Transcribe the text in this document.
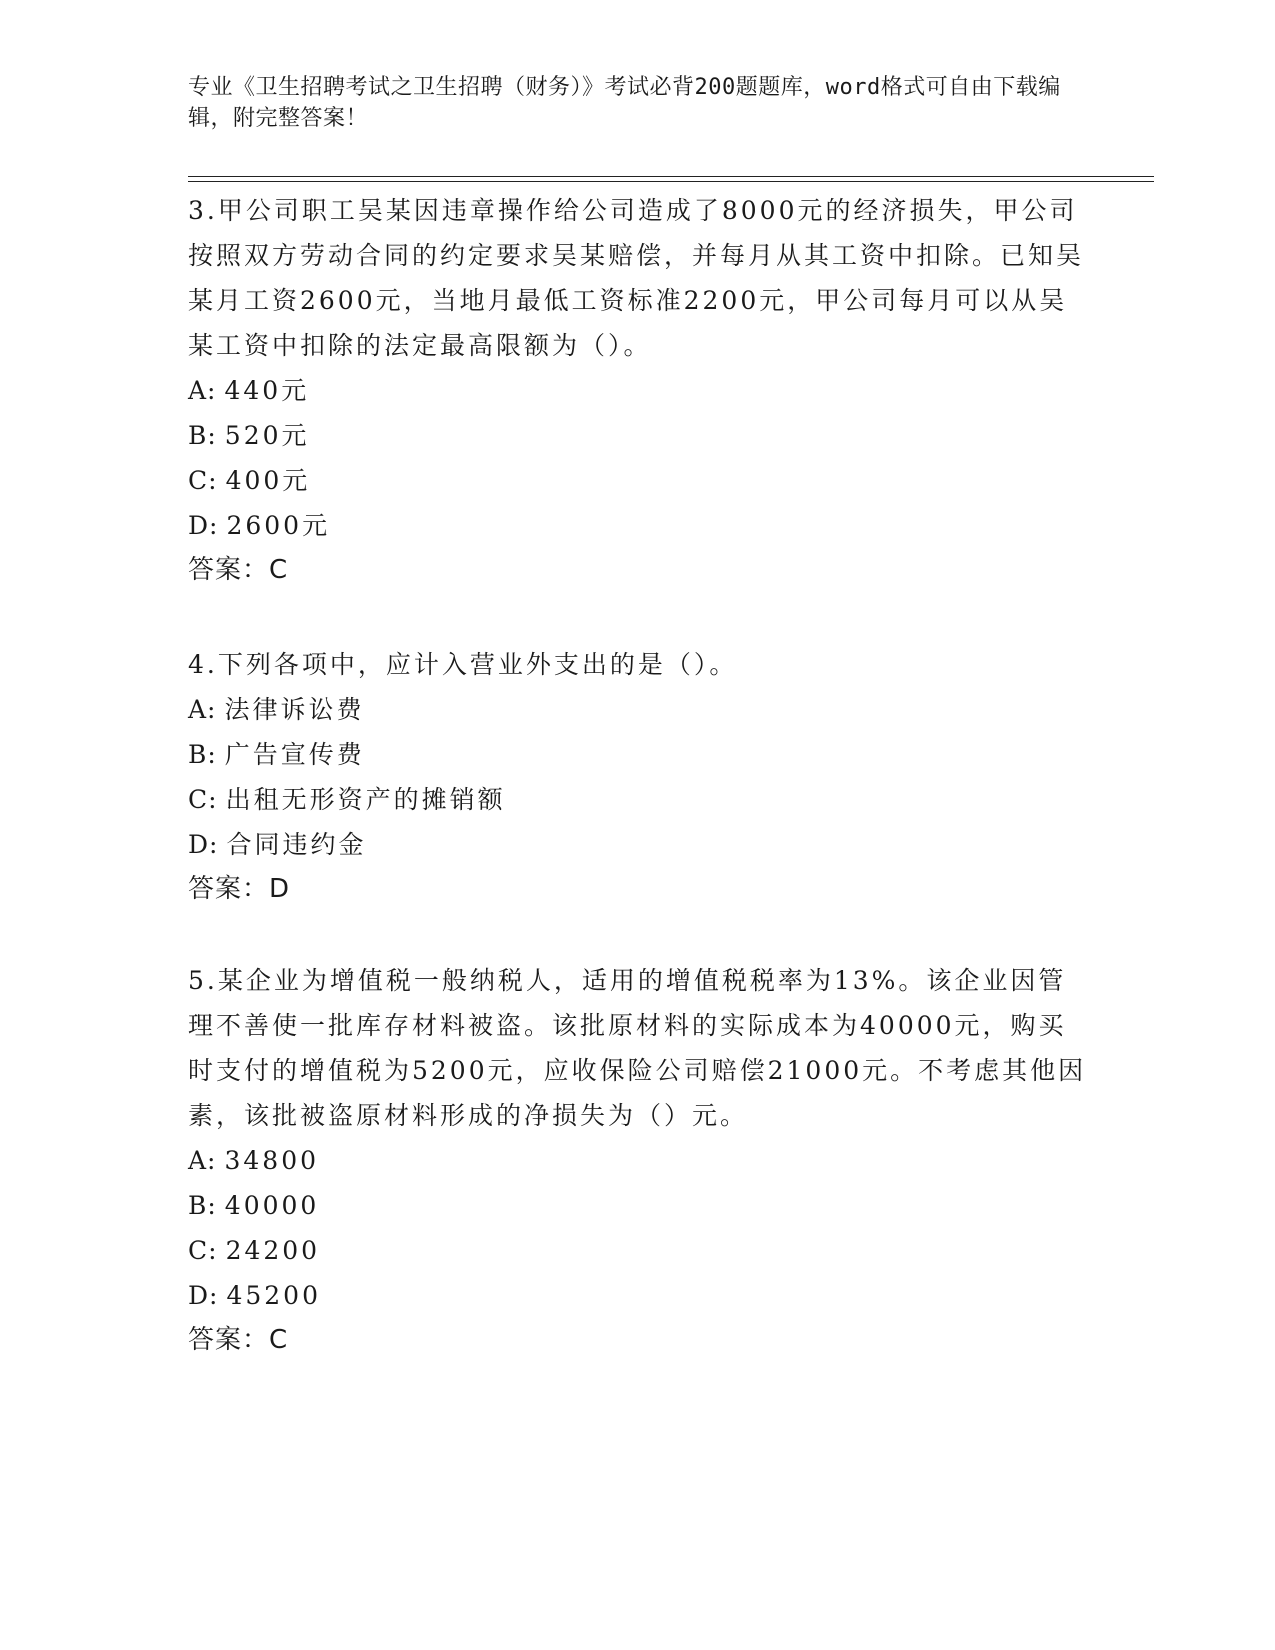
专业《卫生招聘考试之卫生招聘（财务）》考试必背200题题库，word格式可自由下载编辑，附完整答案！

3.甲公司职工吴某因违章操作给公司造成了8000元的经济损失，甲公司按照双方劳动合同的约定要求吴某赔偿，并每月从其工资中扣除。已知吴某月工资2600元，当地月最低工资标准2200元，甲公司每月可以从吴某工资中扣除的法定最高限额为（）。

A: 440元
B: 520元
C: 400元
D: 2600元
答案：C

4.下列各项中，应计入营业外支出的是（）。

A: 法律诉讼费
B: 广告宣传费
C: 出租无形资产的摊销额
D: 合同违约金
答案：D

5.某企业为增值税一般纳税人，适用的增值税税率为13%。该企业因管理不善使一批库存材料被盗。该批原材料的实际成本为40000元，购买时支付的增值税为5200元，应收保险公司赔偿21000元。不考虑其他因素，该批被盗原材料形成的净损失为（）元。

A: 34800
B: 40000
C: 24200
D: 45200
答案：C
